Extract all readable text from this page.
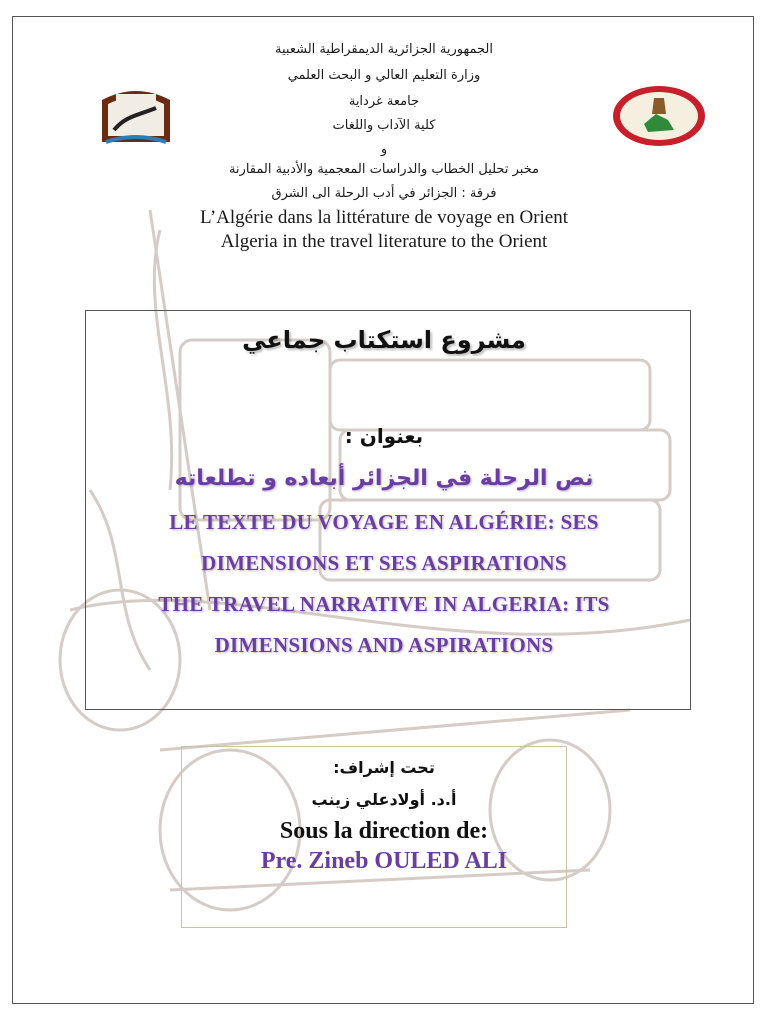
الجمهورية الجزائرية الديمقراطية الشعبية
وزارة التعليم العالي و البحث العلمي
جامعة غرداية
كلية الآداب واللغات
و
مخبر تحليل الخطاب والدراسات المعجمية والأدبية المقارنة
فرقة : الجزائر في أدب الرحلة الى الشرق
L’Algérie dans la littérature de voyage en Orient
Algeria in the travel literature to the Orient
مشروع استكتاب جماعي
بعنوان :
نص الرحلة في الجزائر أبعاده و تطلعاته
LE TEXTE DU VOYAGE EN ALGÉRIE: SES
DIMENSIONS ET SES ASPIRATIONS
THE TRAVEL NARRATIVE IN ALGERIA: ITS
DIMENSIONS AND ASPIRATIONS
تحت إشراف:
أ.د. أولادعلي زينب
Sous la direction de:
Pre. Zineb OULED ALI
